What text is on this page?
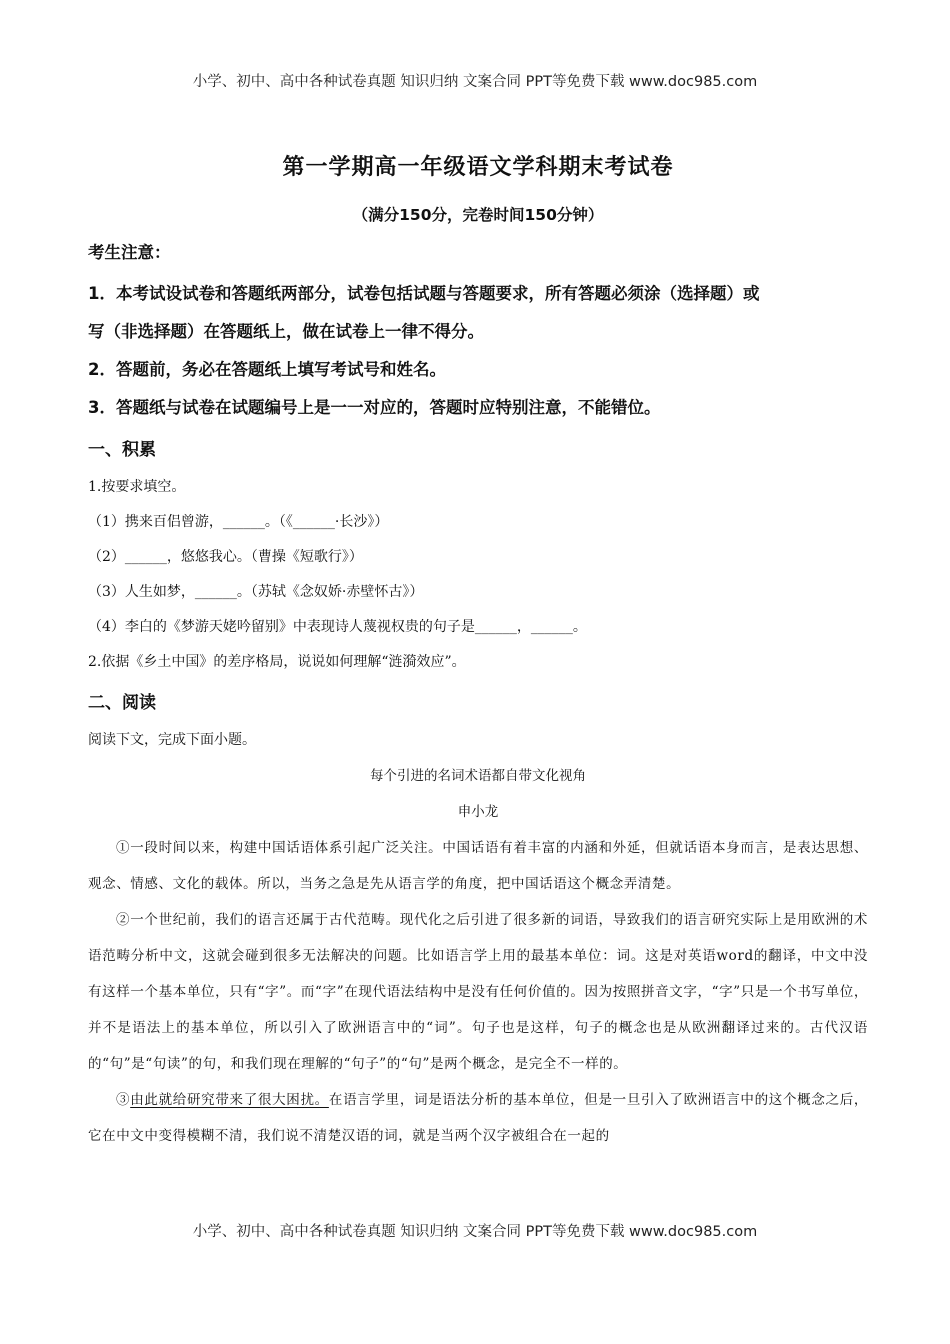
小学、初中、高中各种试卷真题 知识归纳 文案合同 PPT等免费下载 www.doc985.com
第一学期高一年级语文学科期末考试卷

（满分150分，完卷时间150分钟）

考生注意：

1．本考试设试卷和答题纸两部分，试卷包括试题与答题要求，所有答题必须涂（选择题）或

写（非选择题）在答题纸上，做在试卷上一律不得分。

2．答题前，务必在答题纸上填写考试号和姓名。

3．答题纸与试卷在试题编号上是一一对应的，答题时应特别注意，不能错位。

一、积累

1.按要求填空。

（1）携来百侣曾游，______。（《______·长沙》）

（2）______，悠悠我心。（曹操《短歌行》）

（3）人生如梦，______。（苏轼《念奴娇·赤壁怀古》）

（4）李白的《梦游天姥吟留别》中表现诗人蔑视权贵的句子是______，______。

2.依据《乡土中国》的差序格局，说说如何理解“涟漪效应”。

二、阅读

阅读下文，完成下面小题。

每个引进的名词术语都自带文化视角

申小龙

①一段时间以来，构建中国话语体系引起广泛关注。中国话语有着丰富的内涵和外延，但就话语本身而言，是表达思想、观念、情感、文化的载体。所以，当务之急是先从语言学的角度，把中国话语这个概念弄清楚。

②一个世纪前，我们的语言还属于古代范畴。现代化之后引进了很多新的词语，导致我们的语言研究实际上是用欧洲的术语范畴分析中文，这就会碰到很多无法解决的问题。比如语言学上用的最基本单位：词。这是对英语word的翻译，中文中没有这样一个基本单位，只有“字”。而“字”在现代语法结构中是没有任何价值的。因为按照拼音文字，“字”只是一个书写单位，并不是语法上的基本单位，所以引入了欧洲语言中的“词”。句子也是这样，句子的概念也是从欧洲翻译过来的。古代汉语的“句”是“句读”的句，和我们现在理解的“句子”的“句”是两个概念，是完全不一样的。

③由此就给研究带来了很大困扰。在语言学里，词是语法分析的基本单位，但是一旦引入了欧洲语言中的这个概念之后，它在中文中变得模糊不清，我们说不清楚汉语的词，就是当两个汉字被组合在一起的

小学、初中、高中各种试卷真题 知识归纳 文案合同 PPT等免费下载 www.doc985.com
